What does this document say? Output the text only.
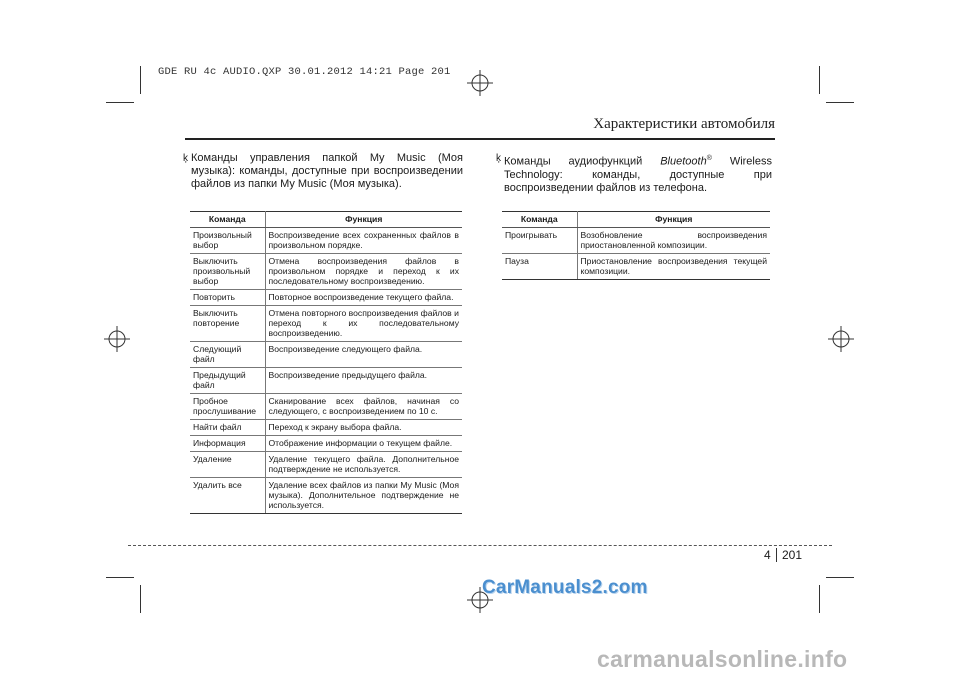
GDE RU 4c AUDIO.QXP 30.01.2012 14:21 Page 201
Характеристики автомобиля
ķ Команды управления папкой My Music (Моя музыка): команды, доступные при воспроизведении файлов из папки My Music (Моя музыка).
Команда	Функция
Произвольный выбор	Воспроизведение всех сохраненных файлов в произвольном порядке.
Выключить произвольный выбор	Отмена воспроизведения файлов в произвольном порядке и переход к их последовательному воспроизведению.
Повторить	Повторное воспроизведение текущего файла.
Выключить повторение	Отмена повторного воспроизведения файлов и переход к их последовательному воспроизведению.
Следующий файл	Воспроизведение следующего файла.
Предыдущий файл	Воспроизведение предыдущего файла.
Пробное прослушивание	Сканирование всех файлов, начиная со следующего, с воспроизведением по 10 с.
Найти файл	Переход к экрану выбора файла.
Информация	Отображение информации о текущем файле.
Удаление	Удаление текущего файла. Дополнительное подтверждение не используется.
Удалить все	Удаление всех файлов из папки My Music (Моя музыка). Дополнительное подтверждение не используется.
ķ Команды аудиофункций Bluetooth® Wireless Technology: команды, доступные при воспроизведении файлов из телефона.
Команда	Функция
Проигрывать	Возобновление воспроизведения приостановленной композиции.
Пауза	Приостановление воспроизведения текущей композиции.
4 201
CarManuals2.com
carmanualsonline.info
